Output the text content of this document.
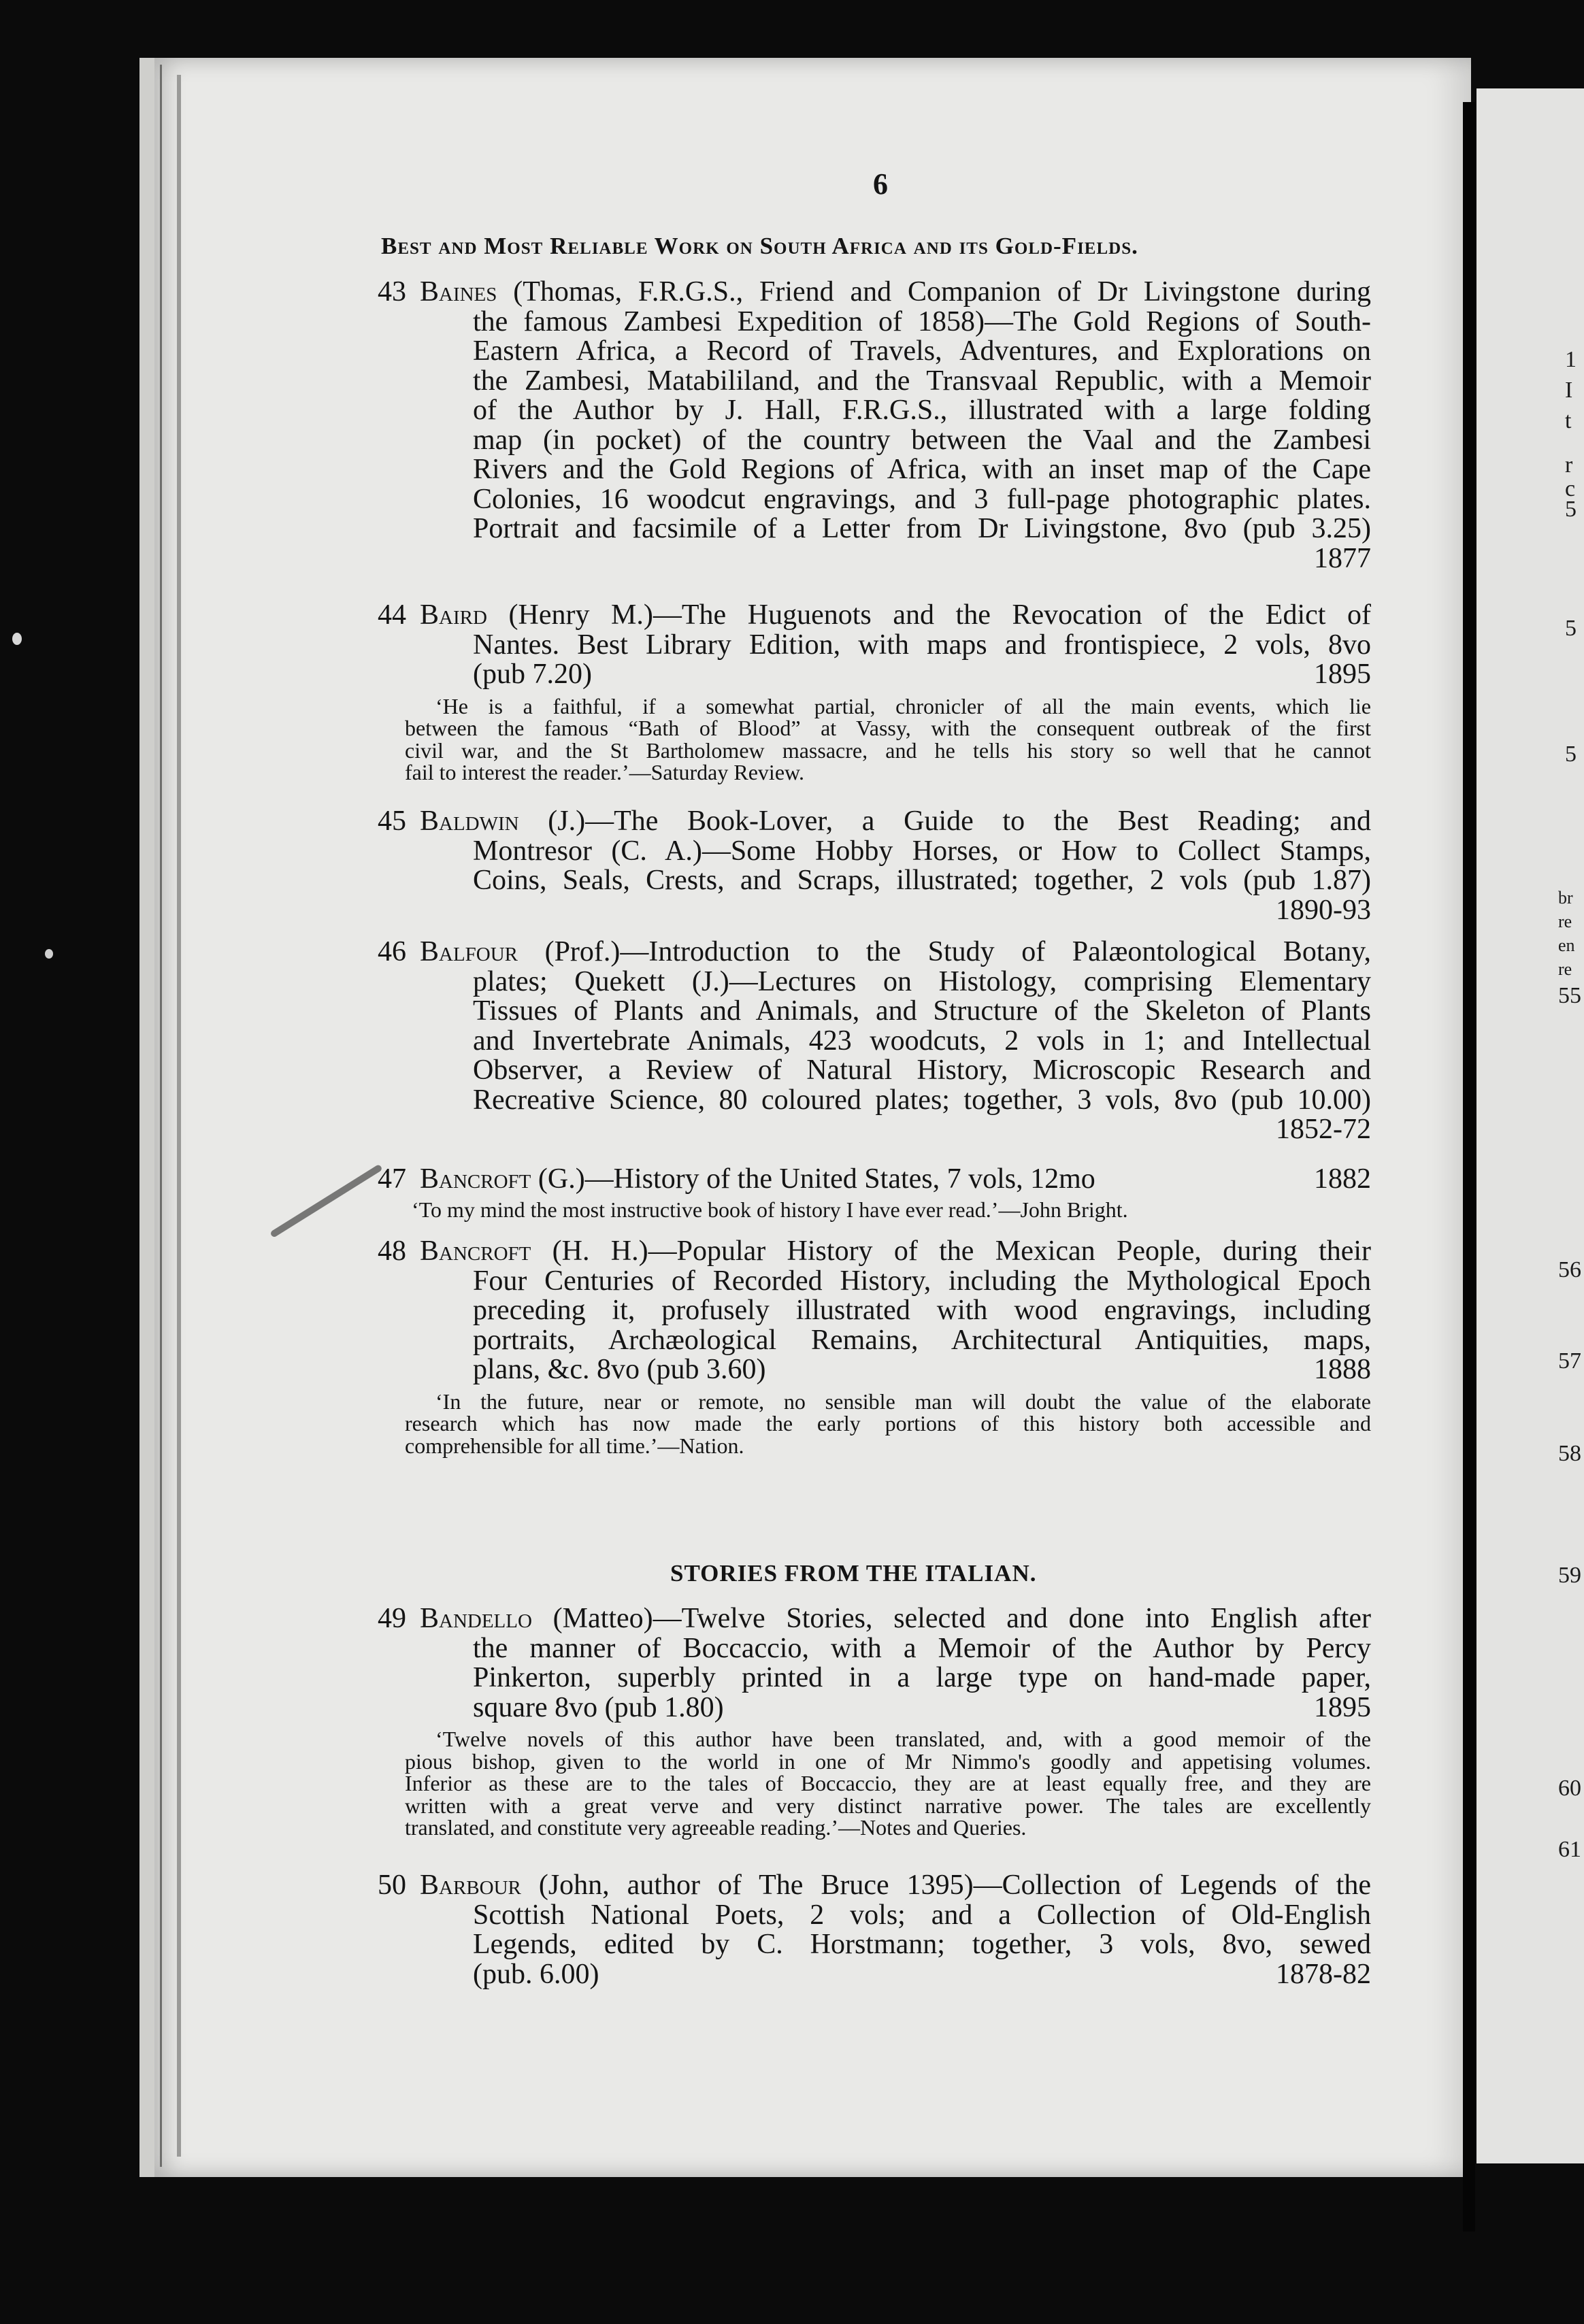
1
I
t
r
c
5
5
5
br
re
en
re
55
56
57
58
59
60
61
6
Best and Most Reliable Work on South Africa and its Gold-Fields.

43 Baines (Thomas, F.R.G.S., Friend and Companion of Dr Livingstone during

the famous Zambesi Expedition of 1858)—The Gold Regions of South-

Eastern Africa, a Record of Travels, Adventures, and Explorations on

the Zambesi, Matabililand, and the Transvaal Republic, with a Memoir

of the Author by J. Hall, F.R.G.S., illustrated with a large folding

map (in pocket) of the country between the Vaal and the Zambesi

Rivers and the Gold Regions of Africa, with an inset map of the Cape

Colonies, 16 woodcut engravings, and 3 full-page photographic plates.

Portrait and facsimile of a Letter from Dr Livingstone, 8vo (pub 3.25)

1877

44 Baird (Henry M.)—The Huguenots and the Revocation of the Edict of

Nantes. Best Library Edition, with maps and frontispiece, 2 vols, 8vo

(pub 7.20)	1895
‘He is a faithful, if a somewhat partial, chronicler of all the main events, which lie
between the famous “Bath of Blood” at Vassy, with the consequent outbreak of the first
civil war, and the St Bartholomew massacre, and he tells his story so well that he cannot
fail to interest the reader.’—Saturday Review.

45 Baldwin (J.)—The Book-Lover, a Guide to the Best Reading; and

Montresor (C. A.)—Some Hobby Horses, or How to Collect Stamps,

Coins, Seals, Crests, and Scraps, illustrated; together, 2 vols (pub 1.87)

1890-93

46 Balfour (Prof.)—Introduction to the Study of Palæontological Botany,

plates; Quekett (J.)—Lectures on Histology, comprising Elementary

Tissues of Plants and Animals, and Structure of the Skeleton of Plants

and Invertebrate Animals, 423 woodcuts, 2 vols in 1; and Intellectual

Observer, a Review of Natural History, Microscopic Research and

Recreative Science, 80 coloured plates; together, 3 vols, 8vo (pub 10.00)

1852-72

47 Bancroft (G.)—History of the United States, 7 vols, 12mo	1882
‘To my mind the most instructive book of history I have ever read.’—John Bright.

48 Bancroft (H. H.)—Popular History of the Mexican People, during their

Four Centuries of Recorded History, including the Mythological Epoch

preceding it, profusely illustrated with wood engravings, including

portraits, Archæological Remains, Architectural Antiquities, maps,

plans, &c. 8vo (pub 3.60)	1888
‘In the future, near or remote, no sensible man will doubt the value of the elaborate
research which has now made the early portions of this history both accessible and
comprehensible for all time.’—Nation.
STORIES FROM THE ITALIAN.

49 Bandello (Matteo)—Twelve Stories, selected and done into English after

the manner of Boccaccio, with a Memoir of the Author by Percy

Pinkerton, superbly printed in a large type on hand-made paper,

square 8vo (pub 1.80)	1895
‘Twelve novels of this author have been translated, and, with a good memoir of the
pious bishop, given to the world in one of Mr Nimmo's goodly and appetising volumes.
Inferior as these are to the tales of Boccaccio, they are at least equally free, and they are
written with a great verve and very distinct narrative power. The tales are excellently
translated, and constitute very agreeable reading.’—Notes and Queries.

50 Barbour (John, author of The Bruce 1395)—Collection of Legends of the

Scottish National Poets, 2 vols; and a Collection of Old-English

Legends, edited by C. Horstmann; together, 3 vols, 8vo, sewed

(pub. 6.00)	1878-82
